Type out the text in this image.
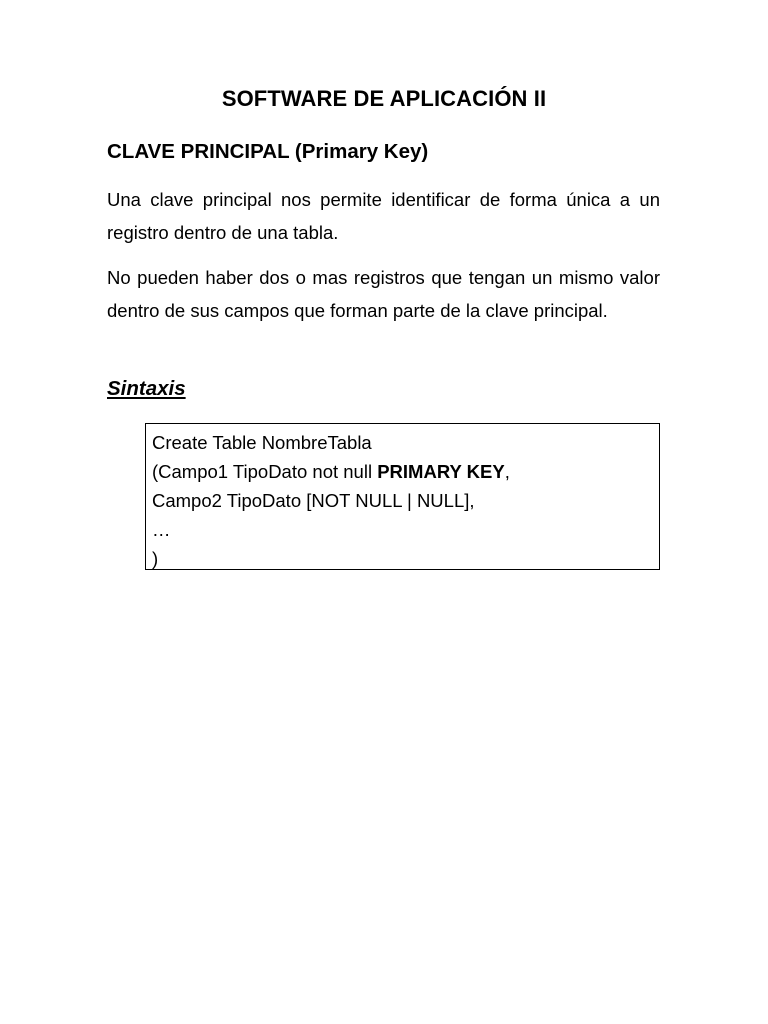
SOFTWARE DE APLICACIÓN II
CLAVE PRINCIPAL (Primary Key)

Una clave principal nos permite identificar de forma única a un registro dentro de una tabla.

No pueden haber dos o mas registros que tengan un mismo valor dentro de sus campos que forman parte de la clave principal.

Sintaxis
Create Table NombreTabla
(Campo1 TipoDato not null PRIMARY KEY,
Campo2 TipoDato [NOT NULL | NULL],
…
)
